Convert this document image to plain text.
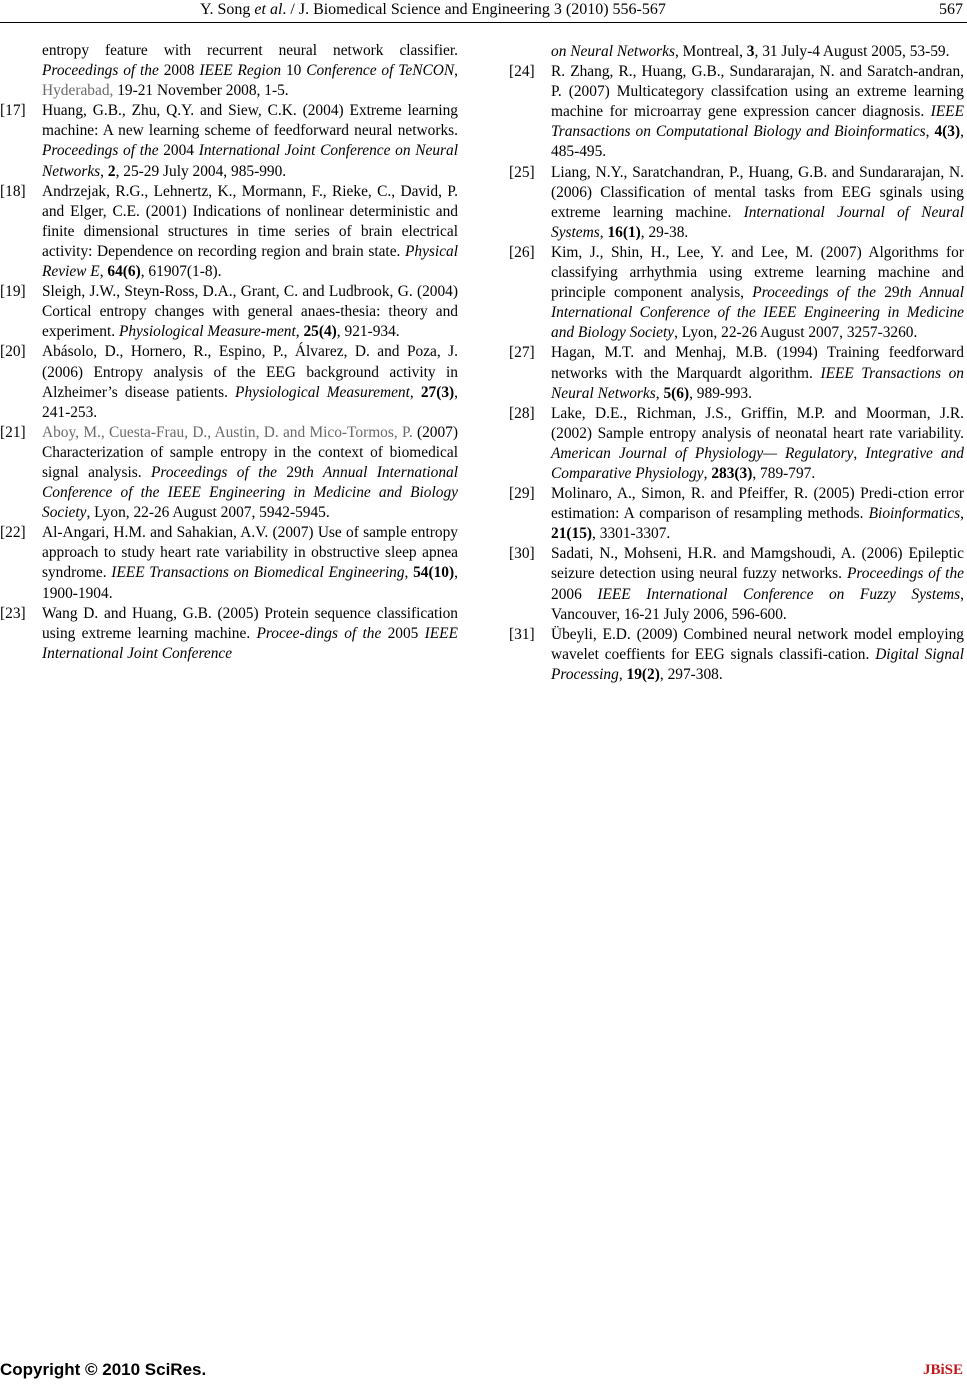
Y. Song et al. / J. Biomedical Science and Engineering 3 (2010) 556-567	567
entropy feature with recurrent neural network classifier. Proceedings of the 2008 IEEE Region 10 Conference of TeNCON, Hyderabad, 19-21 November 2008, 1-5.
[17] Huang, G.B., Zhu, Q.Y. and Siew, C.K. (2004) Extreme learning machine: A new learning scheme of feedforward neural networks. Proceedings of the 2004 International Joint Conference on Neural Networks, 2, 25-29 July 2004, 985-990.
[18] Andrzejak, R.G., Lehnertz, K., Mormann, F., Rieke, C., David, P. and Elger, C.E. (2001) Indications of nonlinear deterministic and finite dimensional structures in time series of brain electrical activity: Dependence on recording region and brain state. Physical Review E, 64(6), 61907(1-8).
[19] Sleigh, J.W., Steyn-Ross, D.A., Grant, C. and Ludbrook, G. (2004) Cortical entropy changes with general anaes-thesia: theory and experiment. Physiological Measure-ment, 25(4), 921-934.
[20] Abásolo, D., Hornero, R., Espino, P., Álvarez, D. and Poza, J. (2006) Entropy analysis of the EEG background activity in Alzheimer’s disease patients. Physiological Measurement, 27(3), 241-253.
[21] Aboy, M., Cuesta-Frau, D., Austin, D. and Mico-Tormos, P. (2007) Characterization of sample entropy in the context of biomedical signal analysis. Proceedings of the 29th Annual International Conference of the IEEE Engineering in Medicine and Biology Society, Lyon, 22-26 August 2007, 5942-5945.
[22] Al-Angari, H.M. and Sahakian, A.V. (2007) Use of sample entropy approach to study heart rate variability in obstructive sleep apnea syndrome. IEEE Transactions on Biomedical Engineering, 54(10), 1900-1904.
[23] Wang D. and Huang, G.B. (2005) Protein sequence classification using extreme learning machine. Procee-dings of the 2005 IEEE International Joint Conference
on Neural Networks, Montreal, 3, 31 July-4 August 2005, 53-59.
[24] R. Zhang, R., Huang, G.B., Sundararajan, N. and Saratch-andran, P. (2007) Multicategory classifcation using an extreme learning machine for microarray gene expression cancer diagnosis. IEEE Transactions on Computational Biology and Bioinformatics, 4(3), 485-495.
[25] Liang, N.Y., Saratchandran, P., Huang, G.B. and Sundararajan, N. (2006) Classification of mental tasks from EEG sginals using extreme learning machine. International Journal of Neural Systems, 16(1), 29-38.
[26] Kim, J., Shin, H., Lee, Y. and Lee, M. (2007) Algorithms for classifying arrhythmia using extreme learning machine and principle component analysis, Proceedings of the 29th Annual International Conference of the IEEE Engineering in Medicine and Biology Society, Lyon, 22-26 August 2007, 3257-3260.
[27] Hagan, M.T. and Menhaj, M.B. (1994) Training feedforward networks with the Marquardt algorithm. IEEE Transactions on Neural Networks, 5(6), 989-993.
[28] Lake, D.E., Richman, J.S., Griffin, M.P. and Moorman, J.R. (2002) Sample entropy analysis of neonatal heart rate variability. American Journal of Physiology— Regulatory, Integrative and Comparative Physiology, 283(3), 789-797.
[29] Molinaro, A., Simon, R. and Pfeiffer, R. (2005) Predi-ction error estimation: A comparison of resampling methods. Bioinformatics, 21(15), 3301-3307.
[30] Sadati, N., Mohseni, H.R. and Mamgshoudi, A. (2006) Epileptic seizure detection using neural fuzzy networks. Proceedings of the 2006 IEEE International Conference on Fuzzy Systems, Vancouver, 16-21 July 2006, 596-600.
[31] Übeyli, E.D. (2009) Combined neural network model employing wavelet coeffients for EEG signals classifi-cation. Digital Signal Processing, 19(2), 297-308.
Copyright © 2010 SciRes.	JBiSE
